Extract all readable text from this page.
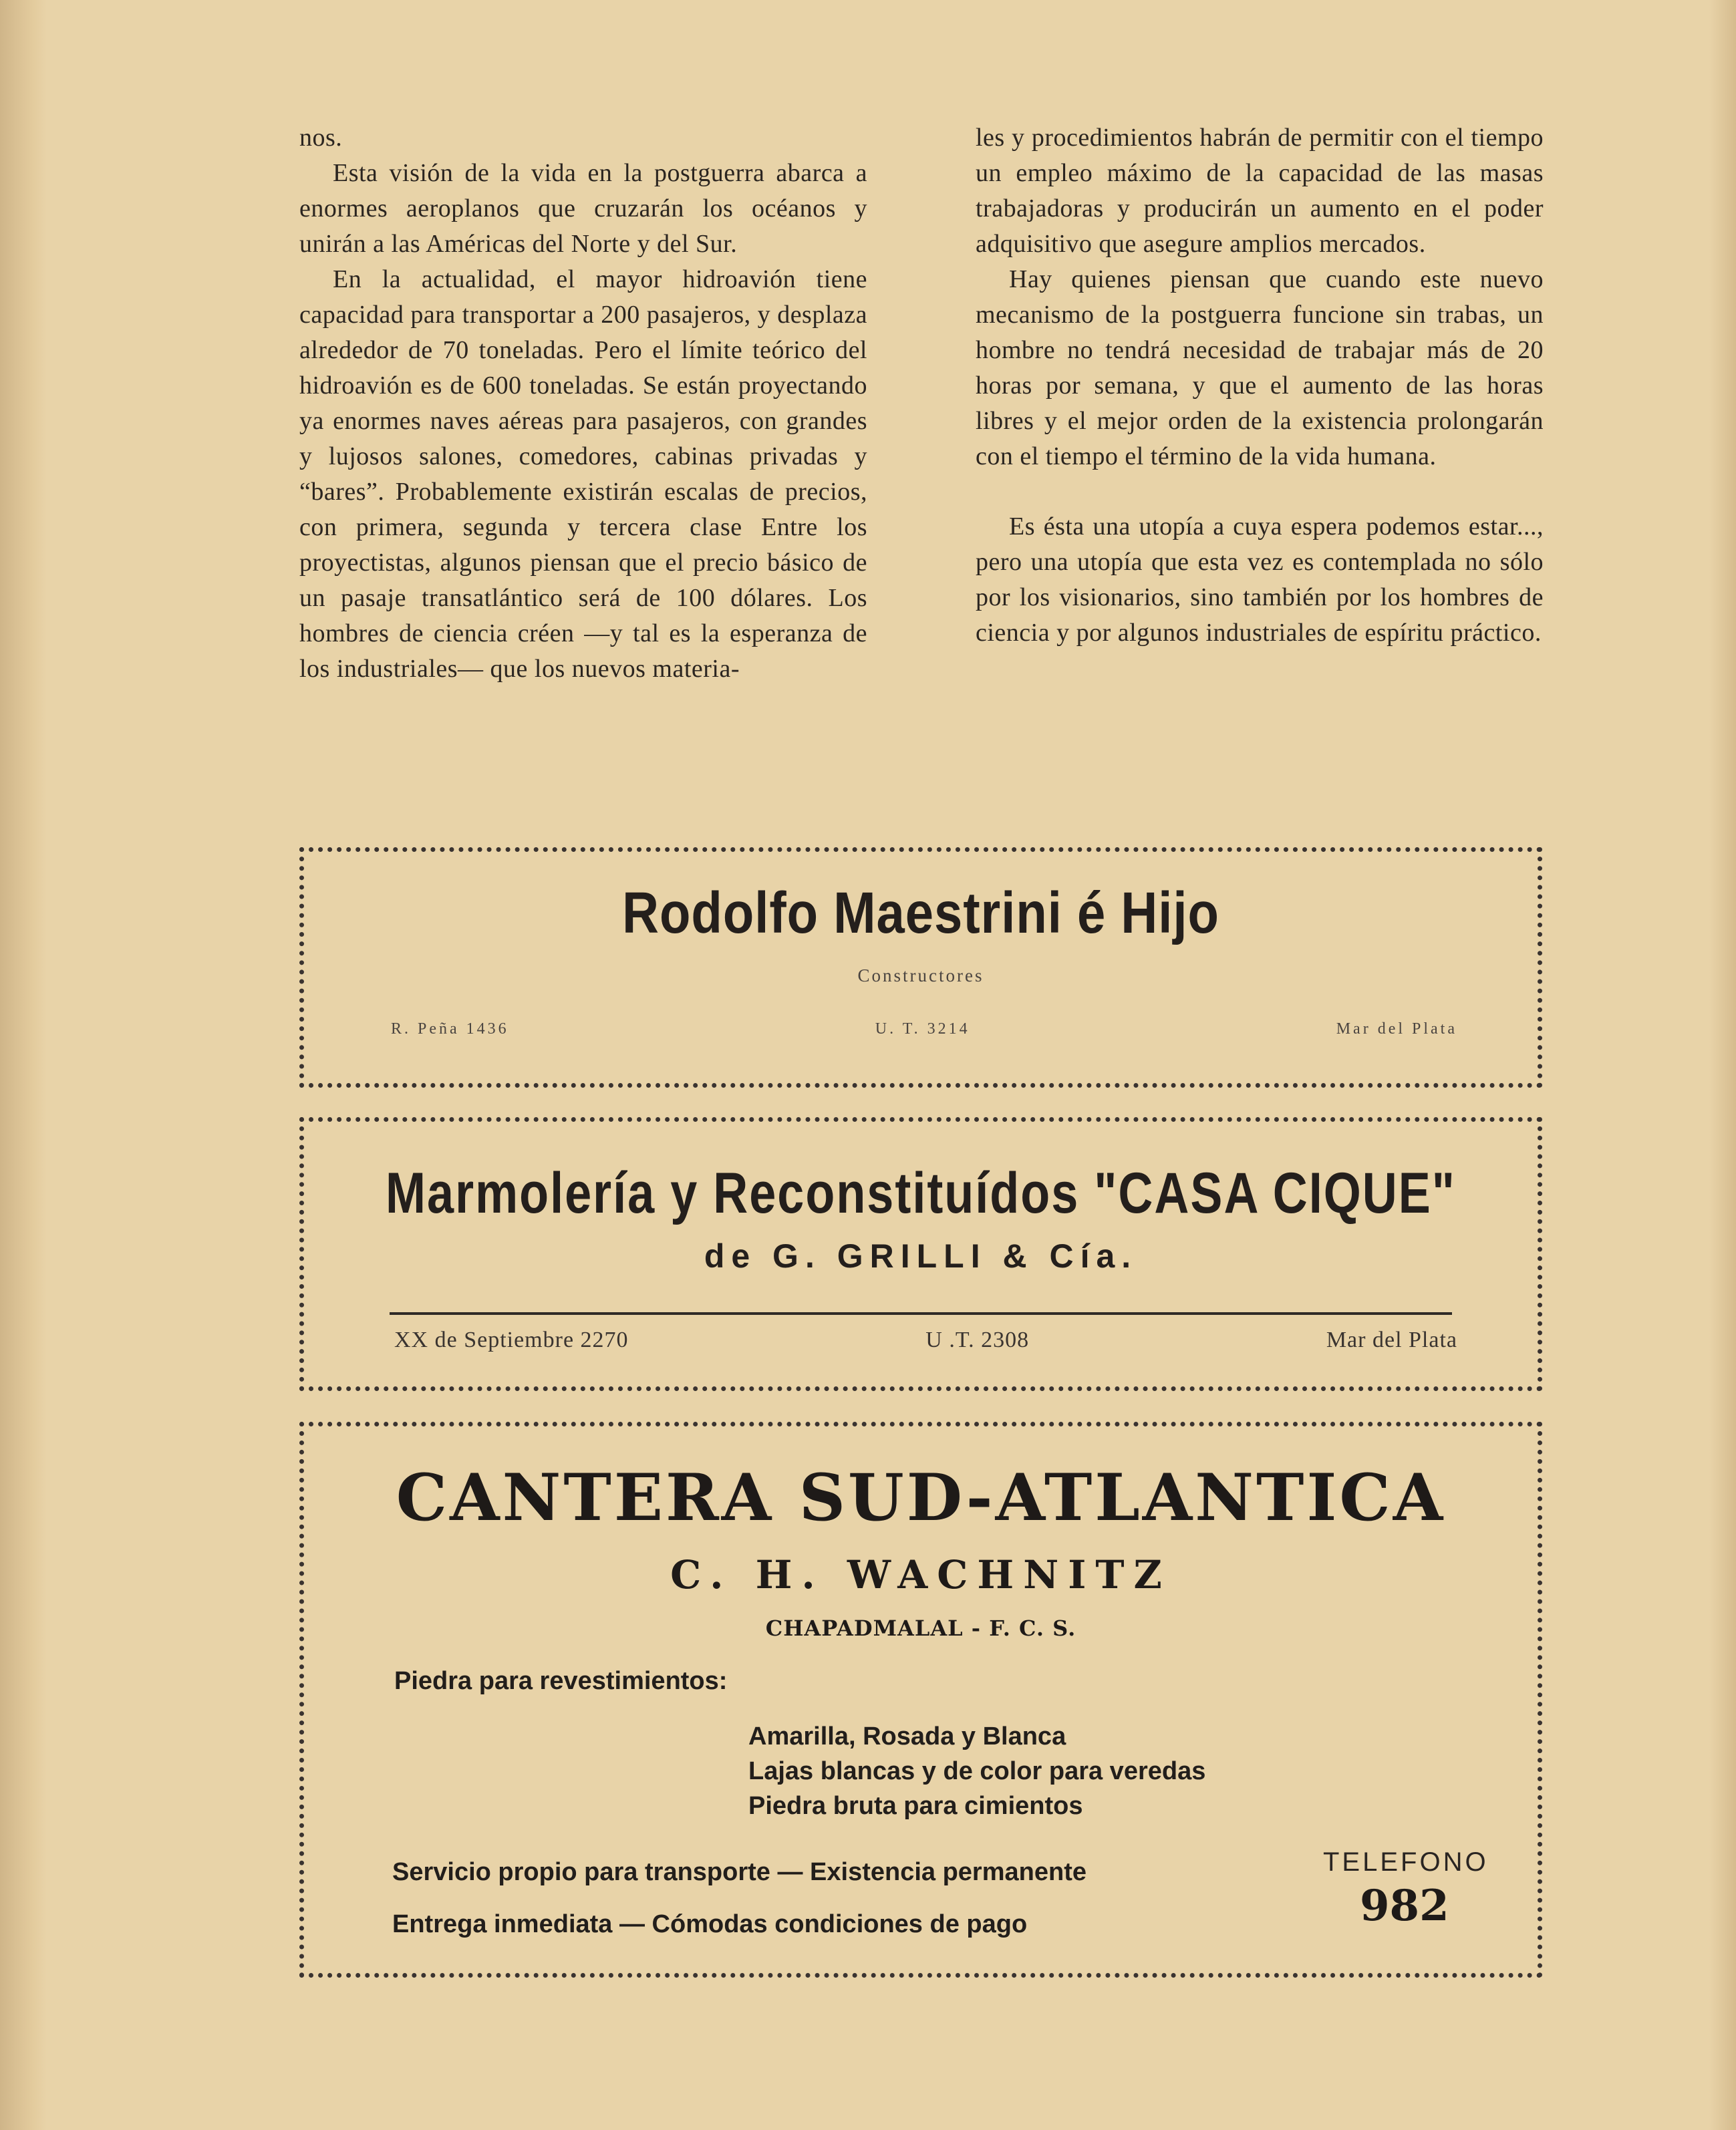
nos.

Esta visión de la vida en la postguerra abarca a enormes aeroplanos que cruzarán los océanos y unirán a las Américas del Norte y del Sur.

En la actualidad, el mayor hidroavión tiene capacidad para transportar a 200 pasajeros, y desplaza alrededor de 70 toneladas. Pero el límite teórico del hidroavión es de 600 toneladas. Se están proyectando ya enormes naves aéreas para pasajeros, con grandes y lujosos salones, comedores, cabinas privadas y “bares”. Probablemente existirán escalas de precios, con primera, segunda y tercera clase Entre los proyectistas, algunos piensan que el precio básico de un pasaje transatlántico será de 100 dólares. Los hombres de ciencia créen —y tal es la esperanza de los industriales— que los nuevos materia-

les y procedimientos habrán de permitir con el tiempo un empleo máximo de la capacidad de las masas trabajadoras y producirán un aumento en el poder adquisitivo que asegure amplios mercados.

Hay quienes piensan que cuando este nuevo mecanismo de la postguerra funcione sin trabas, un hombre no tendrá necesidad de trabajar más de 20 horas por semana, y que el aumento de las horas libres y el mejor orden de la existencia prolongarán con el tiempo el término de la vida humana.

Es ésta una utopía a cuya espera podemos estar..., pero una utopía que esta vez es contemplada no sólo por los visionarios, sino también por los hombres de ciencia y por algunos industriales de espíritu práctico.

Rodolfo Maestrini é Hijo
Constructores
R. Peña 1436	U. T. 3214	Mar del Plata
Marmolería y Reconstituídos "CASA CIQUE"
de G. GRILLI & Cía.
XX de Septiembre 2270	U .T. 2308	Mar del Plata
CANTERA SUD-ATLANTICA
C. H. WACHNITZ
CHAPADMALAL - F. C. S.
Piedra para revestimientos:
Amarilla, Rosada y Blanca
Lajas blancas y de color para veredas
Piedra bruta para cimientos
Servicio propio para transporte — Existencia permanente
Entrega inmediata — Cómodas condiciones de pago
TELEFONO
982
